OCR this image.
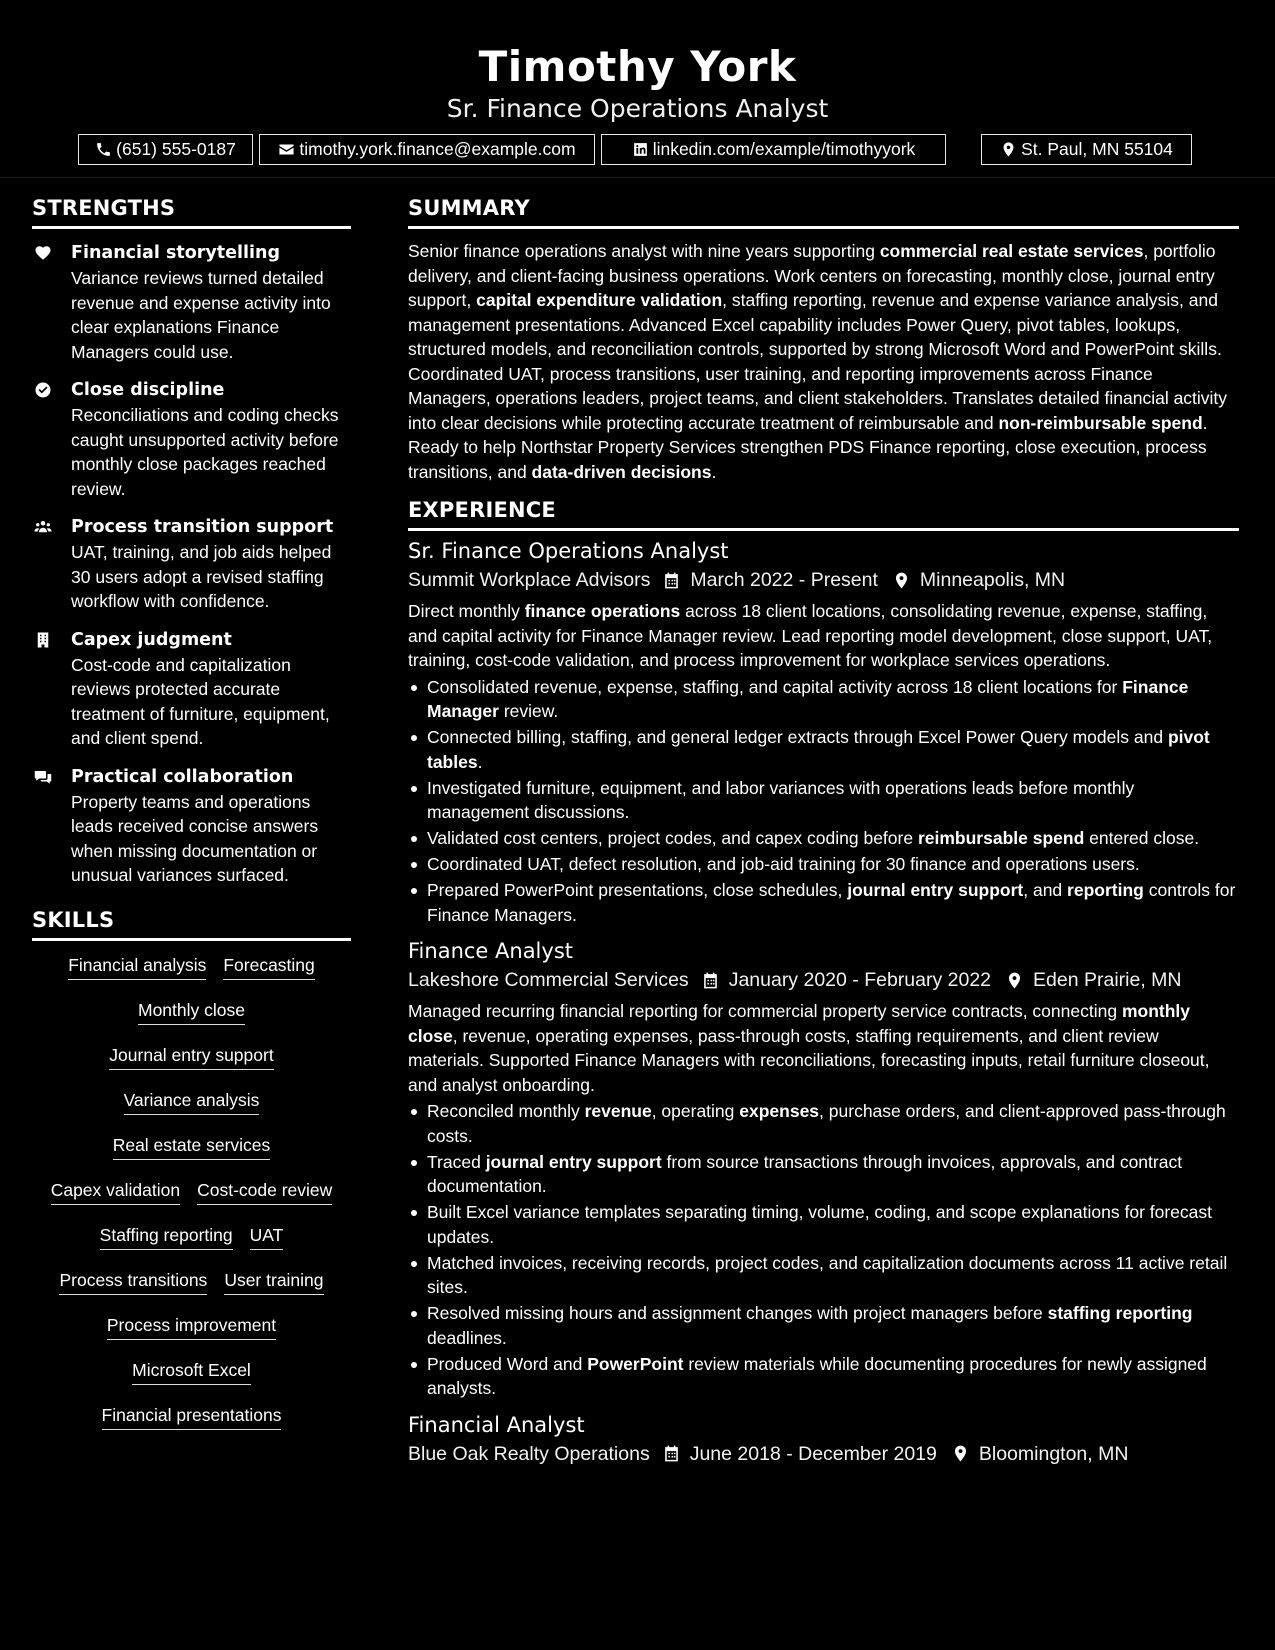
Timothy York
Sr. Finance Operations Analyst
(651) 555-0187	timothy.york.finance@example.com	linkedin.com/example/timothyyork	St. Paul, MN 55104
STRENGTHS
Financial storytelling
Variance reviews turned detailed revenue and expense activity into clear explanations Finance Managers could use.
Close discipline
Reconciliations and coding checks caught unsupported activity before monthly close packages reached review.
Process transition support
UAT, training, and job aids helped 30 users adopt a revised staffing workflow with confidence.
Capex judgment
Cost-code and capitalization reviews protected accurate treatment of furniture, equipment, and client spend.
Practical collaboration
Property teams and operations leads received concise answers when missing documentation or unusual variances surfaced.
SKILLS
Financial analysis Forecasting
Monthly close
Journal entry support
Variance analysis
Real estate services
Capex validation Cost-code review
Staffing reporting UAT
Process transitions User training
Process improvement
Microsoft Excel
Financial presentations
SUMMARY
Senior finance operations analyst with nine years supporting commercial real estate services, portfolio delivery, and client-facing business operations. Work centers on forecasting, monthly close, journal entry support, capital expenditure validation, staffing reporting, revenue and expense variance analysis, and management presentations. Advanced Excel capability includes Power Query, pivot tables, lookups, structured models, and reconciliation controls, supported by strong Microsoft Word and PowerPoint skills. Coordinated UAT, process transitions, user training, and reporting improvements across Finance Managers, operations leaders, project teams, and client stakeholders. Translates detailed financial activity into clear decisions while protecting accurate treatment of reimbursable and non-reimbursable spend. Ready to help Northstar Property Services strengthen PDS Finance reporting, close execution, process transitions, and data-driven decisions.
EXPERIENCE
Sr. Finance Operations Analyst
Summit Workplace Advisors March 2022 - Present Minneapolis, MN
Direct monthly finance operations across 18 client locations, consolidating revenue, expense, staffing, and capital activity for Finance Manager review. Lead reporting model development, close support, UAT, training, cost-code validation, and process improvement for workplace services operations.
Consolidated revenue, expense, staffing, and capital activity across 18 client locations for Finance Manager review.
Connected billing, staffing, and general ledger extracts through Excel Power Query models and pivot tables.
Investigated furniture, equipment, and labor variances with operations leads before monthly management discussions.
Validated cost centers, project codes, and capex coding before reimbursable spend entered close.
Coordinated UAT, defect resolution, and job-aid training for 30 finance and operations users.
Prepared PowerPoint presentations, close schedules, journal entry support, and reporting controls for Finance Managers.
Finance Analyst
Lakeshore Commercial Services January 2020 - February 2022 Eden Prairie, MN
Managed recurring financial reporting for commercial property service contracts, connecting monthly close, revenue, operating expenses, pass-through costs, staffing requirements, and client review materials. Supported Finance Managers with reconciliations, forecasting inputs, retail furniture closeout, and analyst onboarding.
Reconciled monthly revenue, operating expenses, purchase orders, and client-approved pass-through costs.
Traced journal entry support from source transactions through invoices, approvals, and contract documentation.
Built Excel variance templates separating timing, volume, coding, and scope explanations for forecast updates.
Matched invoices, receiving records, project codes, and capitalization documents across 11 active retail sites.
Resolved missing hours and assignment changes with project managers before staffing reporting deadlines.
Produced Word and PowerPoint review materials while documenting procedures for newly assigned analysts.
Financial Analyst
Blue Oak Realty Operations June 2018 - December 2019 Bloomington, MN
